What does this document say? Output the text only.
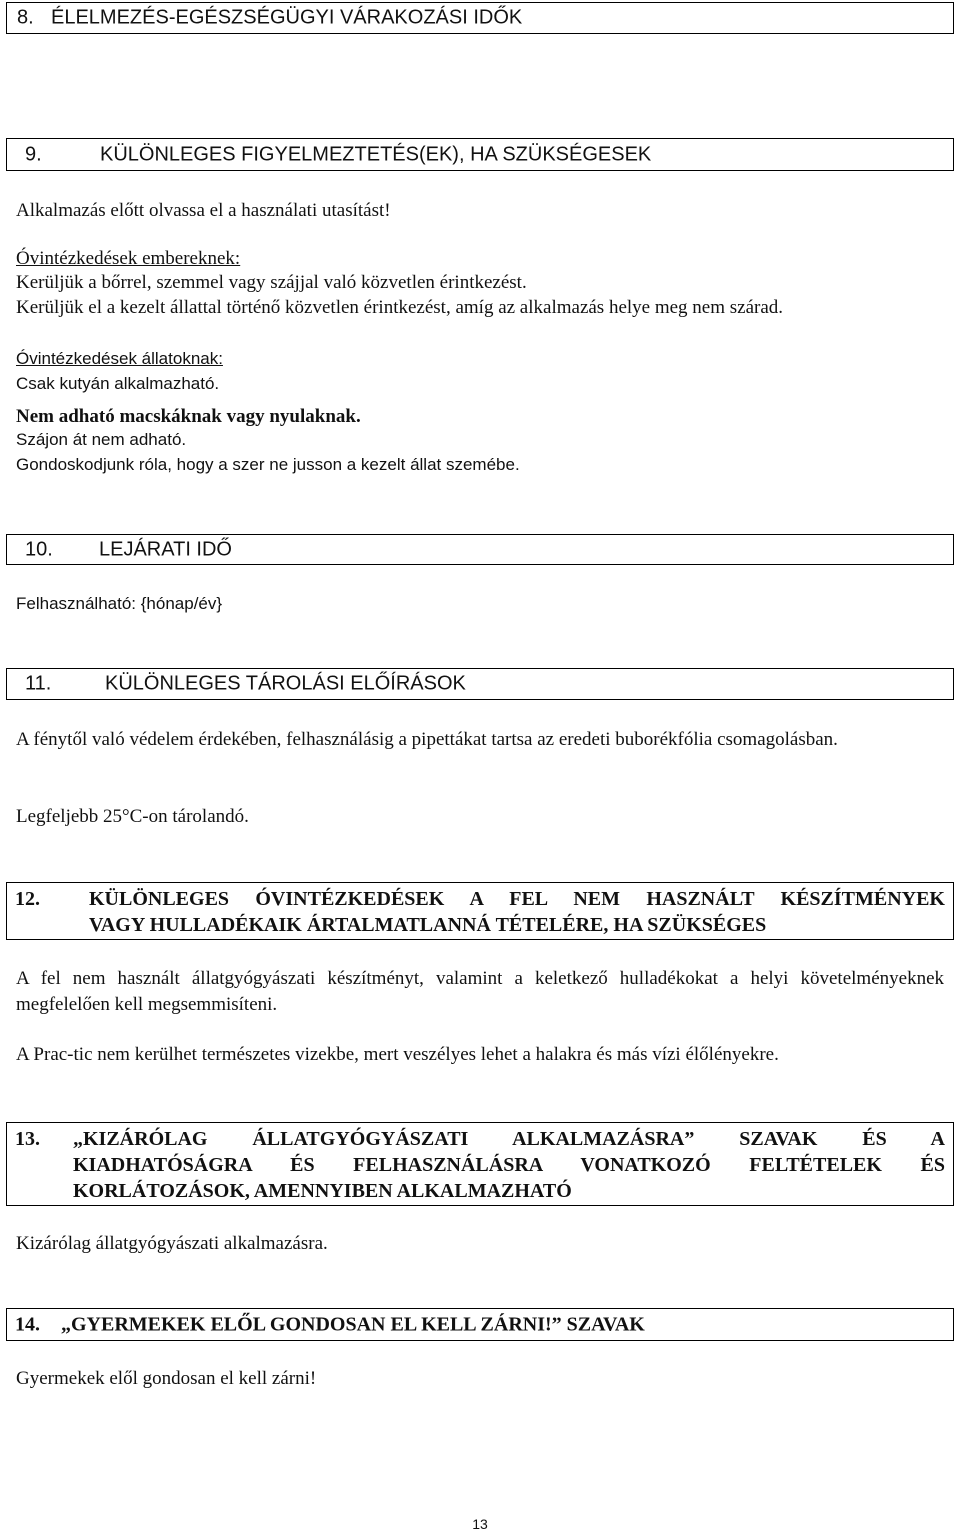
8. ÉLELMEZÉS-EGÉSZSÉGÜGYI VÁRAKOZÁSI IDŐK
9.	KÜLÖNLEGES FIGYELMEZTETÉS(EK), HA SZÜKSÉGESEK
Alkalmazás előtt olvassa el a használati utasítást!
Óvintézkedések embereknek:
Kerüljük a bőrrel, szemmel vagy szájjal való közvetlen érintkezést.
Kerüljük el a kezelt állattal történő közvetlen érintkezést, amíg az alkalmazás helye meg nem szárad.
Óvintézkedések állatoknak:
Csak kutyán alkalmazható.
Nem adható macskáknak vagy nyulaknak.
Szájon át nem adható.
Gondoskodjunk róla, hogy a szer ne jusson a kezelt állat szemébe.
10. LEJÁRATI IDŐ
Felhasználható: {hónap/év}
11.	KÜLÖNLEGES TÁROLÁSI ELŐÍRÁSOK
A fénytől való védelem érdekében, felhasználásig a pipettákat tartsa az eredeti buborékfólia csomagolásban.
Legfeljebb 25°C-on tárolandó.
12. KÜLÖNLEGES ÓVINTÉZKEDÉSEK A FEL NEM HASZNÁLT KÉSZÍTMÉNYEK
VAGY HULLADÉKAIK ÁRTALMATLANNÁ TÉTELÉRE, HA SZÜKSÉGES
A fel nem használt állatgyógyászati készítményt, valamint a keletkező hulladékokat a helyi követelményeknek megfelelően kell megsemmisíteni.
A Prac-tic nem kerülhet természetes vizekbe, mert veszélyes lehet a halakra és más vízi élőlényekre.
13. „KIZÁRÓLAG ÁLLATGYÓGYÁSZATI ALKALMAZÁSRA” SZAVAK ÉS A
KIADHATÓSÁGRA ÉS FELHASZNÁLÁSRA VONATKOZÓ FELTÉTELEK ÉS
KORLÁTOZÁSOK, AMENNYIBEN ALKALMAZHATÓ
Kizárólag állatgyógyászati alkalmazásra.
14. „GYERMEKEK ELŐL GONDOSAN EL KELL ZÁRNI!” SZAVAK
Gyermekek elől gondosan el kell zárni!
13
